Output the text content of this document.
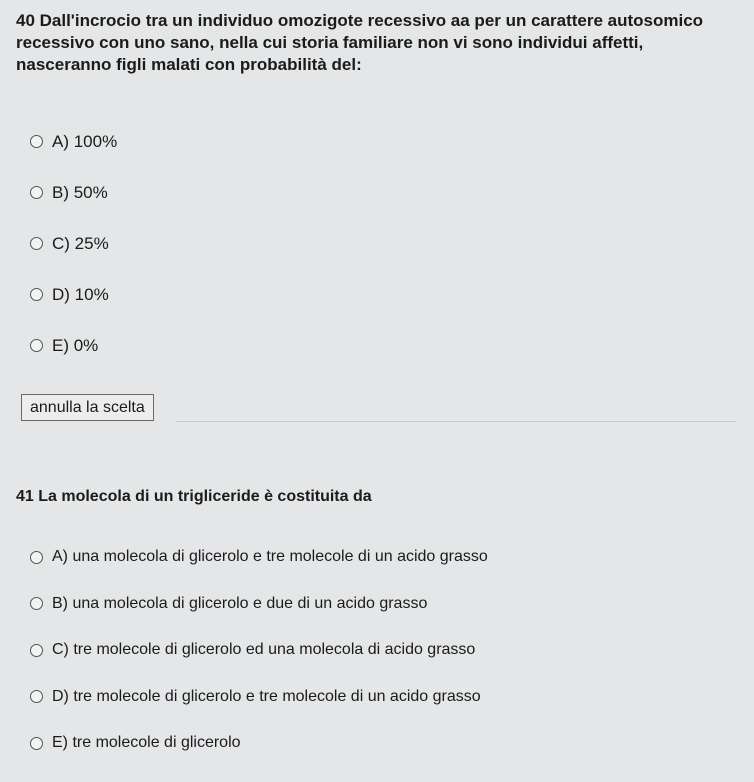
40 Dall'incrocio tra un individuo omozigote recessivo aa per un carattere autosomico recessivo con uno sano, nella cui storia familiare non vi sono individui affetti, nasceranno figli malati con probabilità del:
A) 100%
B) 50%
C) 25%
D) 10%
E) 0%
annulla la scelta
41 La molecola di un trigliceride è costituita da
A) una molecola di glicerolo e tre molecole di un acido grasso
B) una molecola di glicerolo e due di un acido grasso
C) tre molecole di glicerolo ed una molecola di acido grasso
D) tre molecole di glicerolo e tre molecole di un acido grasso
E) tre molecole di glicerolo
